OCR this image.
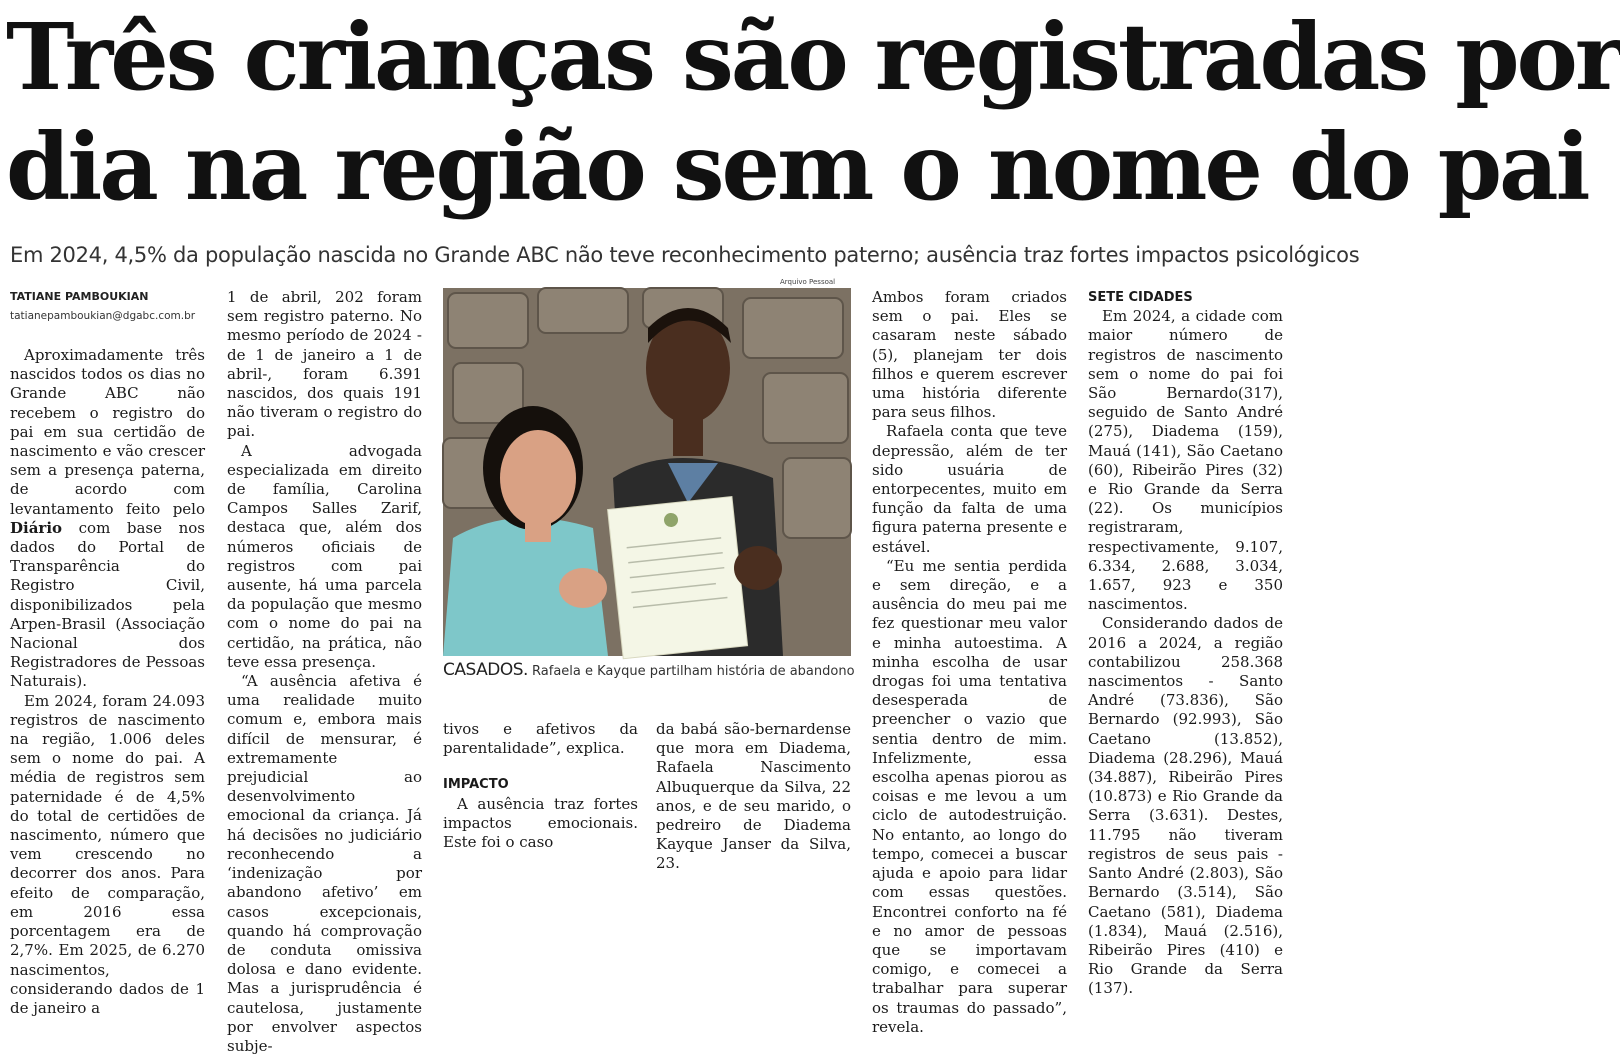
Três crianças são registradas por
dia na região sem o nome do pai
Em 2024, 4,5% da população nascida no Grande ABC não teve reconhecimento paterno; ausência traz fortes impactos psicológicos
TATIANE PAMBOUKIAN
tatianepamboukian@dgabc.com.br

Aproximadamente três nascidos todos os dias no Grande ABC não recebem o registro do pai em sua certidão de nascimento e vão crescer sem a presença paterna, de acordo com levantamento feito pelo Diário com base nos dados do Portal de Transparência do Registro Civil, disponibilizados pela Arpen-Brasil (Associação Nacional dos Registradores de Pessoas Naturais).

Em 2024, foram 24.093 registros de nascimento na região, 1.006 deles sem o nome do pai. A média de registros sem paternidade é de 4,5% do total de certidões de nascimento, número que vem crescendo no decorrer dos anos. Para efeito de comparação, em 2016 essa porcentagem era de 2,7%. Em 2025, de 6.270 nascimentos, considerando dados de 1 de janeiro a

1 de abril, 202 foram sem registro paterno. No mesmo período de 2024 - de 1 de janeiro a 1 de abril-, foram 6.391 nascidos, dos quais 191 não tiveram o registro do pai.

A advogada especializada em direito de família, Carolina Campos Salles Zarif, destaca que, além dos números oficiais de registros com pai ausente, há uma parcela da população que mesmo com o nome do pai na certidão, na prática, não teve essa presença.

“A ausência afetiva é uma realidade muito comum e, embora mais difícil de mensurar, é extremamente prejudicial ao desenvolvimento emocional da criança. Já há decisões no judiciário reconhecendo a ‘indenização por abandono afetivo’ em casos excepcionais, quando há comprovação de conduta omissiva dolosa e dano evidente. Mas a jurisprudência é cautelosa, justamente por envolver aspectos subje-

Arquivo Pessoal
CASADOS. Rafaela e Kayque partilham história de abandono

tivos e afetivos da parentalidade”, explica.

IMPACTO

A ausência traz fortes impactos emocionais. Este foi o caso

da babá são-bernardense que mora em Diadema, Rafaela Nascimento Albuquerque da Silva, 22 anos, e de seu marido, o pedreiro de Diadema Kayque Janser da Silva, 23.

Ambos foram criados sem o pai. Eles se casaram neste sábado (5), planejam ter dois filhos e querem escrever uma história diferente para seus filhos.

Rafaela conta que teve depressão, além de ter sido usuária de entorpecentes, muito em função da falta de uma figura paterna presente e estável.

“Eu me sentia perdida e sem direção, e a ausência do meu pai me fez questionar meu valor e minha autoestima. A minha escolha de usar drogas foi uma tentativa desesperada de preencher o vazio que sentia dentro de mim. Infelizmente, essa escolha apenas piorou as coisas e me levou a um ciclo de autodestruição. No entanto, ao longo do tempo, comecei a buscar ajuda e apoio para lidar com essas questões. Encontrei conforto na fé e no amor de pessoas que se importavam comigo, e comecei a trabalhar para superar os traumas do passado”, revela.

SETE CIDADES

Em 2024, a cidade com maior número de registros de nascimento sem o nome do pai foi São Bernardo(317), seguido de Santo André (275), Diadema (159), Mauá (141), São Caetano (60), Ribeirão Pires (32) e Rio Grande da Serra (22). Os municípios registraram, respectivamente, 9.107, 6.334, 2.688, 3.034, 1.657, 923 e 350 nascimentos.

Considerando dados de 2016 a 2024, a região contabilizou 258.368 nascimentos - Santo André (73.836), São Bernardo (92.993), São Caetano (13.852), Diadema (28.296), Mauá (34.887), Ribeirão Pires (10.873) e Rio Grande da Serra (3.631). Destes, 11.795 não tiveram registros de seus pais - Santo André (2.803), São Bernardo (3.514), São Caetano (581), Diadema (1.834), Mauá (2.516), Ribeirão Pires (410) e Rio Grande da Serra (137).
